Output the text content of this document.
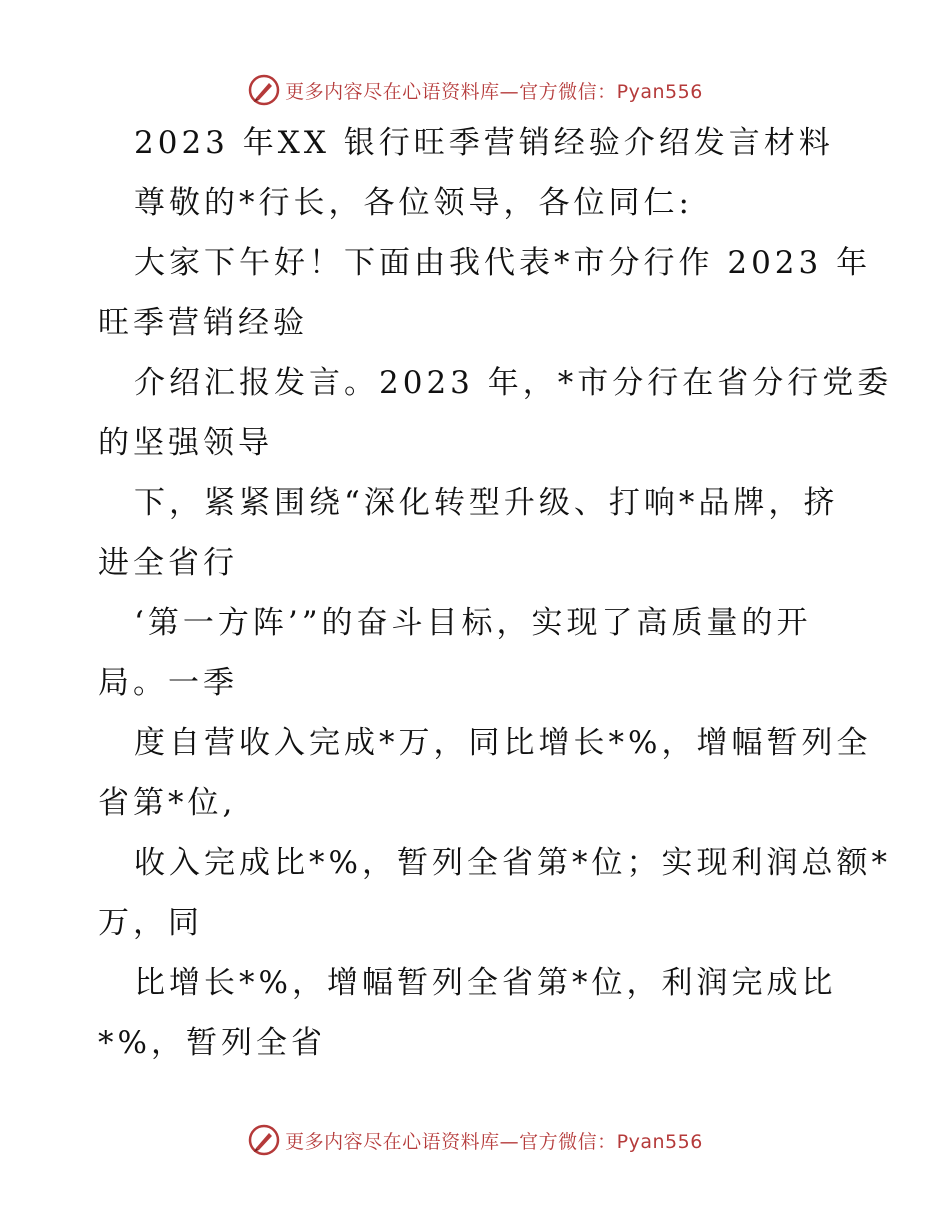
更多内容尽在心语资料库—官方微信：Pyan556
2023 年XX 银行旺季营销经验介绍发言材料
尊敬的*行长，各位领导，各位同仁:
大家下午好！下面由我代表*市分行作 2023 年
旺季营销经验
介绍汇报发言。2023 年，*市分行在省分行党委
的坚强领导
下，紧紧围绕“深化转型升级、打响*品牌，挤
进全省行
‘第一方阵’”的奋斗目标，实现了高质量的开
局。一季
度自营收入完成*万，同比增长*%，增幅暂列全
省第*位,
收入完成比*%，暂列全省第*位；实现利润总额*
万，同
比增长*%，增幅暂列全省第*位，利润完成比
*%，暂列全省
更多内容尽在心语资料库—官方微信：Pyan556
